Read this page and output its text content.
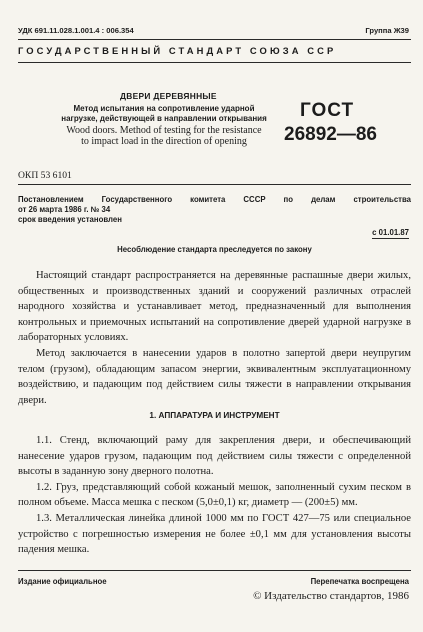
УДК 691.11.028.1.001.4 : 006.354	Группа Ж39
ГОСУДАРСТВЕННЫЙ СТАНДАРТ СОЮЗА ССР
ДВЕРИ ДЕРЕВЯННЫЕ
Метод испытания на сопротивление ударной
нагрузке, действующей в направлении открывания
Wood doors. Method of testing for the resistance
to impact load in the direction of opening
ГОСТ
26892—86
ОКП 53 6101
Постановлением Государственного комитета СССР по делам строительства
от 26 марта 1986 г. № 34
срок введения установлен
с 01.01.87
Несоблюдение стандарта преследуется по закону

Настоящий стандарт распространяется на деревянные распашные двери жилых, общественных и производственных зданий и сооружений различных отраслей народного хозяйства и устанавливает метод, предназначенный для выполнения контрольных и приемочных испытаний на сопротивление дверей ударной нагрузке в лабораторных условиях.

Метод заключается в нанесении ударов в полотно запертой двери неупругим телом (грузом), обладающим запасом энергии, эквивалентным эксплуатационному воздействию, и падающим под действием силы тяжести в направлении открывания двери.

1. АППАРАТУРА И ИНСТРУМЕНТ

1.1. Стенд, включающий раму для закрепления двери, и обеспечивающий нанесение ударов грузом, падающим под действием силы тяжести с определенной высоты в заданную зону дверного полотна.

1.2. Груз, представляющий собой кожаный мешок, заполненный сухим песком в полном объеме. Масса мешка с песком (5,0±0,1) кг, диаметр — (200±5) мм.

1.3. Металлическая линейка длиной 1000 мм по ГОСТ 427—75 или специальное устройство с погрешностью измерения не более ±0,1 мм для установления высоты падения мешка.

Издание официальное	Перепечатка воспрещена
© Издательство стандартов, 1986
